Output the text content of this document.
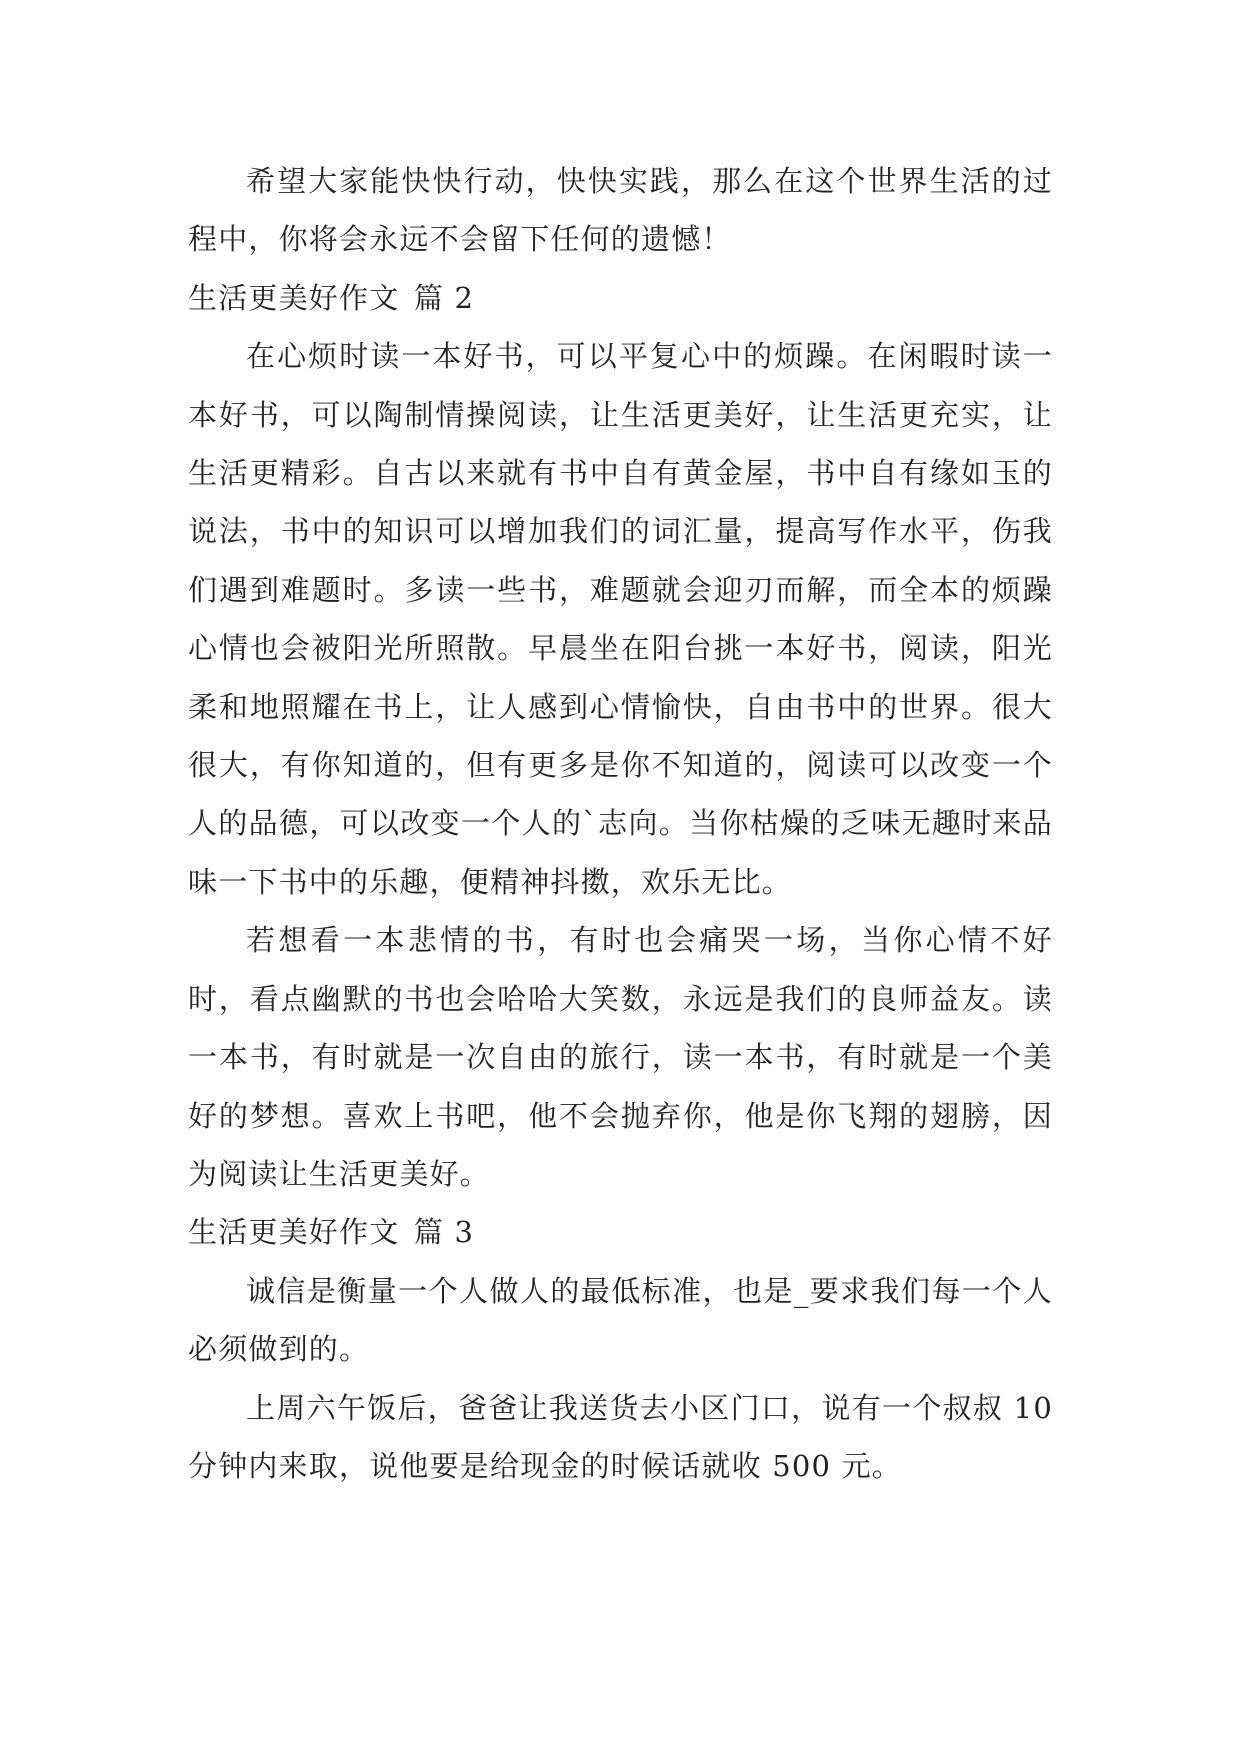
希望大家能快快行动，快快实践，那么在这个世界生活的过程中，你将会永远不会留下任何的遗憾！

生活更美好作文 篇 2

在心烦时读一本好书，可以平复心中的烦躁。在闲暇时读一本好书，可以陶制情操阅读，让生活更美好，让生活更充实，让生活更精彩。自古以来就有书中自有黄金屋，书中自有缘如玉的说法，书中的知识可以增加我们的词汇量，提高写作水平，伤我们遇到难题时。多读一些书，难题就会迎刃而解，而全本的烦躁心情也会被阳光所照散。早晨坐在阳台挑一本好书，阅读，阳光柔和地照耀在书上，让人感到心情愉快，自由书中的世界。很大很大，有你知道的，但有更多是你不知道的，阅读可以改变一个人的品德，可以改变一个人的`志向。当你枯燥的乏味无趣时来品味一下书中的乐趣，便精神抖擞，欢乐无比。

若想看一本悲情的书，有时也会痛哭一场，当你心情不好时，看点幽默的书也会哈哈大笑数，永远是我们的良师益友。读一本书，有时就是一次自由的旅行，读一本书，有时就是一个美好的梦想。喜欢上书吧，他不会抛弃你，他是你飞翔的翅膀，因为阅读让生活更美好。

生活更美好作文 篇 3

诚信是衡量一个人做人的最低标准，也是_要求我们每一个人必须做到的。

上周六午饭后，爸爸让我送货去小区门口，说有一个叔叔 10 分钟内来取，说他要是给现金的时候话就收 500 元。
